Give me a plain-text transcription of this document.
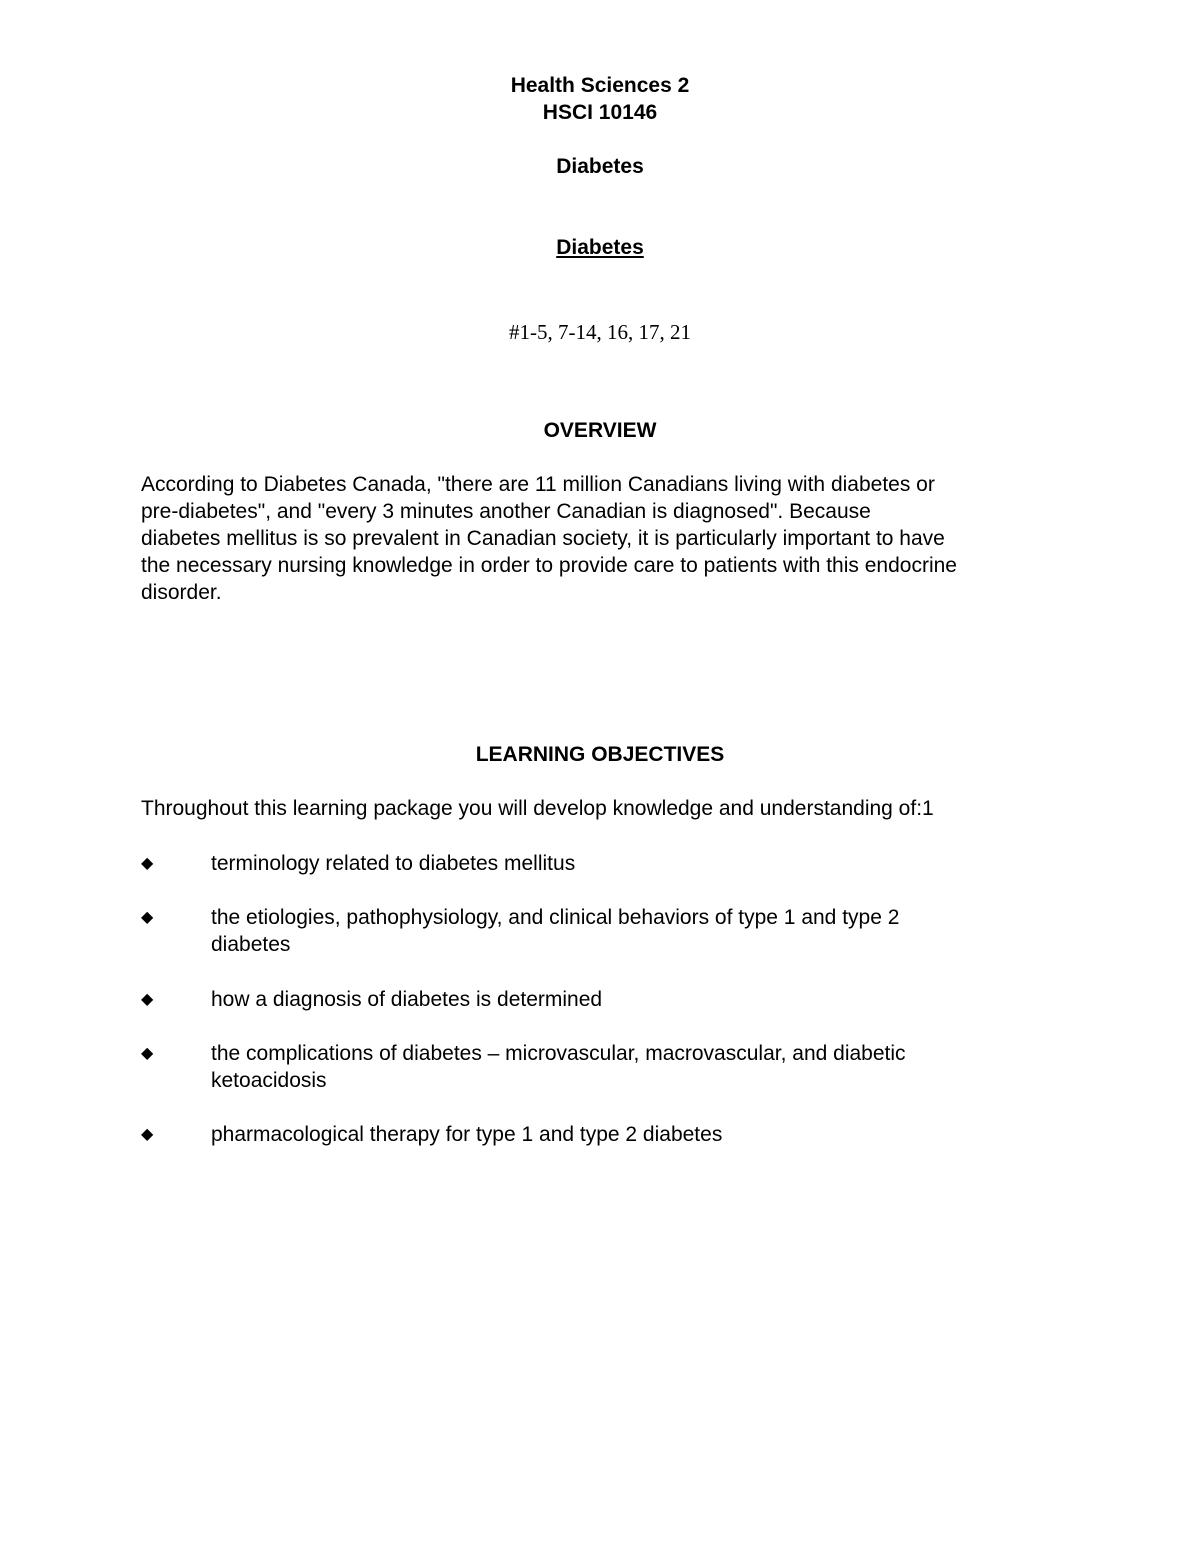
Health Sciences 2
HSCI 10146
Diabetes
Diabetes
#1-5, 7-14, 16, 17, 21
OVERVIEW
According to Diabetes Canada, "there are 11 million Canadians living with diabetes or
pre-diabetes", and "every 3 minutes another Canadian is diagnosed". Because
diabetes mellitus is so prevalent in Canadian society, it is particularly important to have
the necessary nursing knowledge in order to provide care to patients with this endocrine
disorder.
LEARNING OBJECTIVES
Throughout this learning package you will develop knowledge and understanding of:1
◆	terminology related to diabetes mellitus
◆	the etiologies, pathophysiology, and clinical behaviors of type 1 and type 2
diabetes
◆	how a diagnosis of diabetes is determined
◆	the complications of diabetes – microvascular, macrovascular, and diabetic
ketoacidosis
◆	pharmacological therapy for type 1 and type 2 diabetes
